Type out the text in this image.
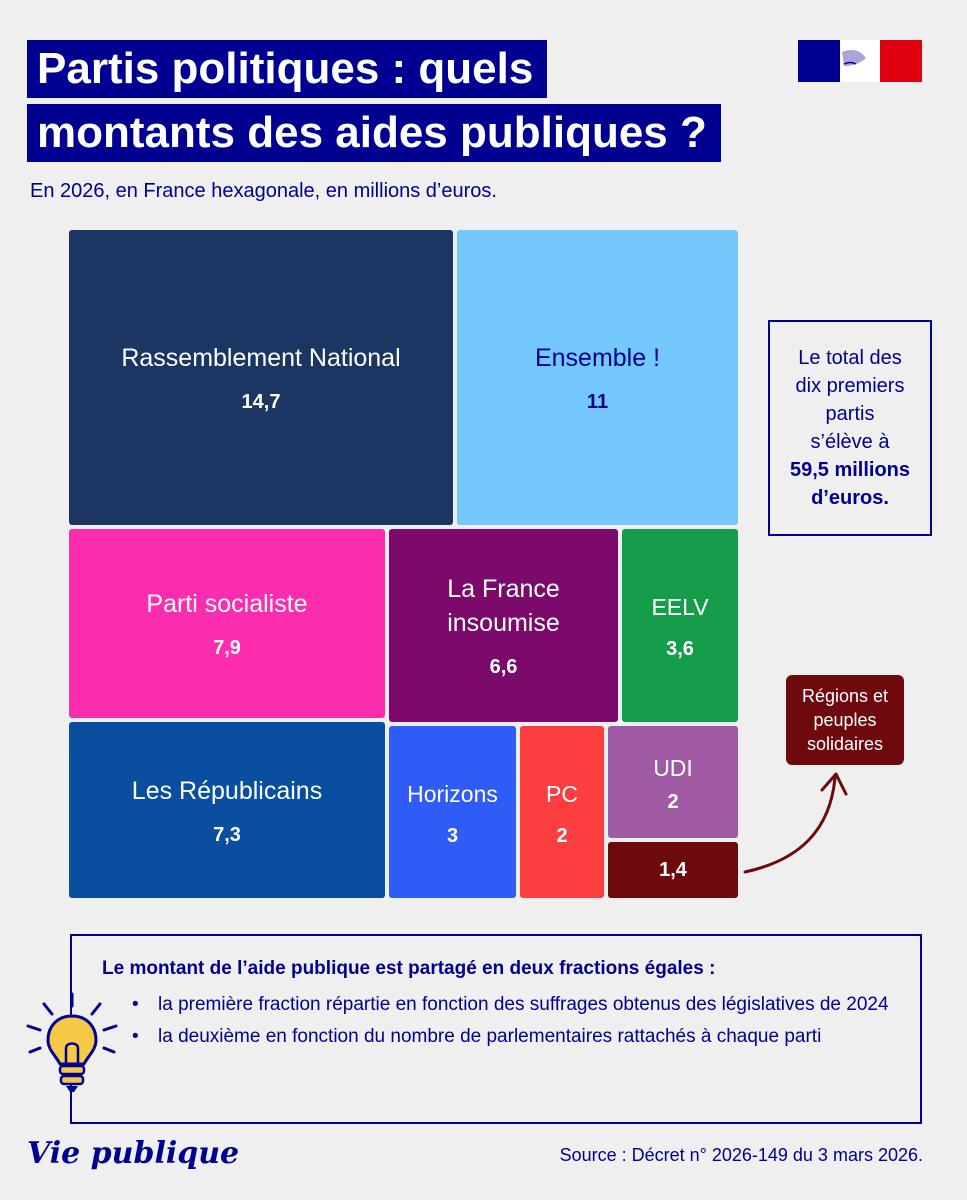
Partis politiques : quels
montants des aides publiques ?
En 2026, en France hexagonale, en millions d’euros.
Rassemblement National
14,7
Ensemble !
11
Parti socialiste
7,9
La France insoumise
6,6
EELV
3,6
Les Républicains
7,3
Horizons
3
PC
2
UDI
2
1,4
Le total des
dix premiers
partis
s’élève à
59,5 millions
d’euros.
Régions et
peuples
solidaires
Le montant de l’aide publique est partagé en deux fractions égales :
• la première fraction répartie en fonction des suffrages obtenus des législatives de 2024
• la deuxième en fonction du nombre de parlementaires rattachés à chaque parti
Vie publique	Source : Décret n° 2026-149 du 3 mars 2026.
